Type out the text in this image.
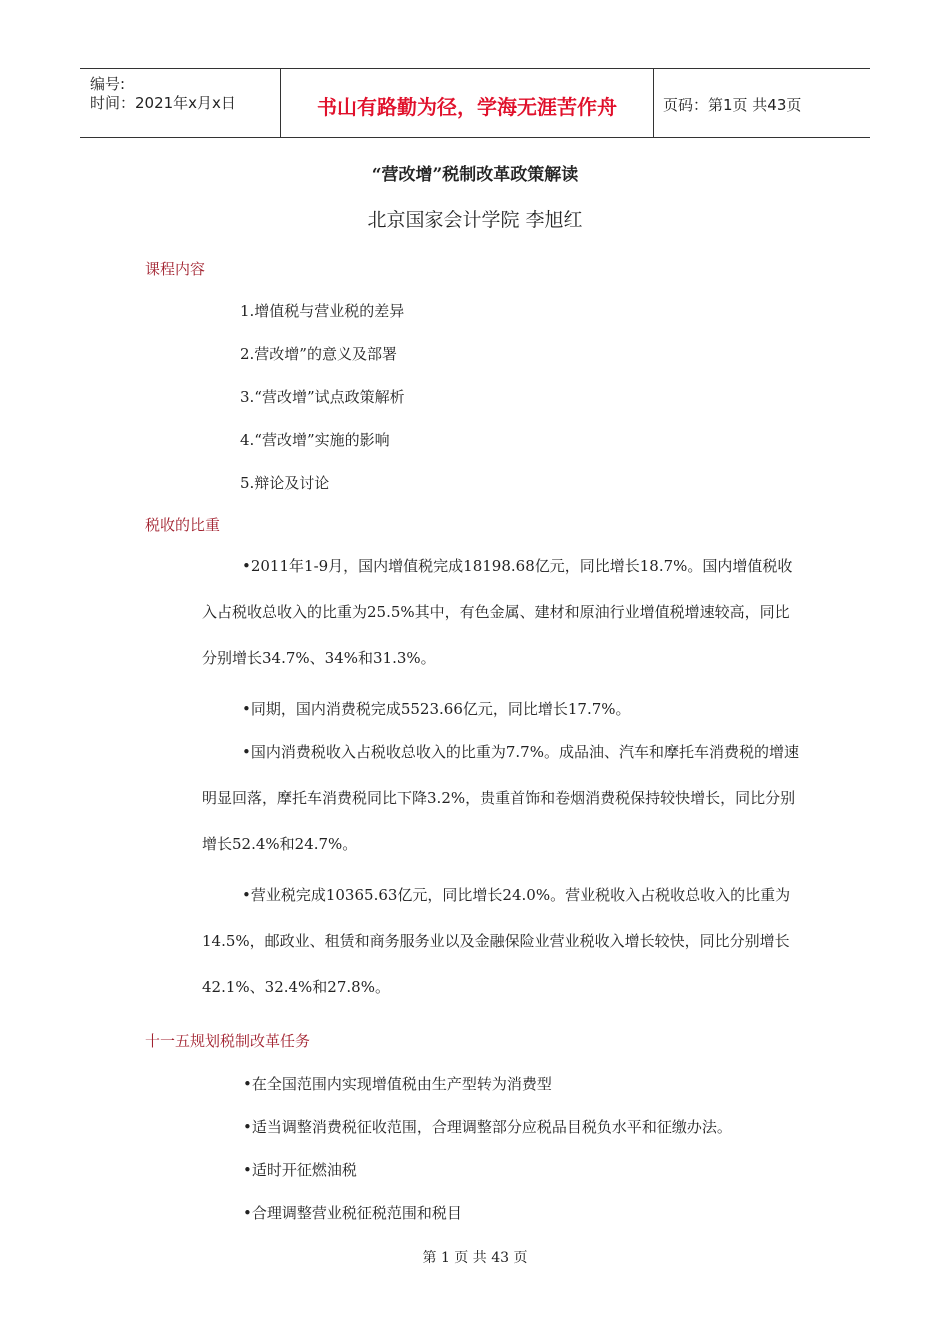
编号:
时间：2021年x月x日	书山有路勤为径，学海无涯苦作舟	页码：第1页 共43页
“营改增”税制改革政策解读
北京国家会计学院 李旭红
课程内容
1.增值税与营业税的差异
2.营改增”的意义及部署
3.“营改增”试点政策解析
4.“营改增”实施的影响
5.辩论及讨论
税收的比重
•2011年1-9月，国内增值税完成18198.68亿元，同比增长18.7%。国内增值税收入占税收总收入的比重为25.5%其中，有色金属、建材和原油行业增值税增速较高，同比分别增长34.7%、34%和31.3%。
•同期，国内消费税完成5523.66亿元，同比增长17.7%。
•国内消费税收入占税收总收入的比重为7.7%。成品油、汽车和摩托车消费税的增速明显回落，摩托车消费税同比下降3.2%，贵重首饰和卷烟消费税保持较快增长，同比分别增长52.4%和24.7%。
•营业税完成10365.63亿元，同比增长24.0%。营业税收入占税收总收入的比重为14.5%，邮政业、租赁和商务服务业以及金融保险业营业税收入增长较快，同比分别增长42.1%、32.4%和27.8%。
十一五规划税制改革任务
•在全国范围内实现增值税由生产型转为消费型
•适当调整消费税征收范围，合理调整部分应税品目税负水平和征缴办法。
•适时开征燃油税
•合理调整营业税征税范围和税目
第 1 页 共 43 页
